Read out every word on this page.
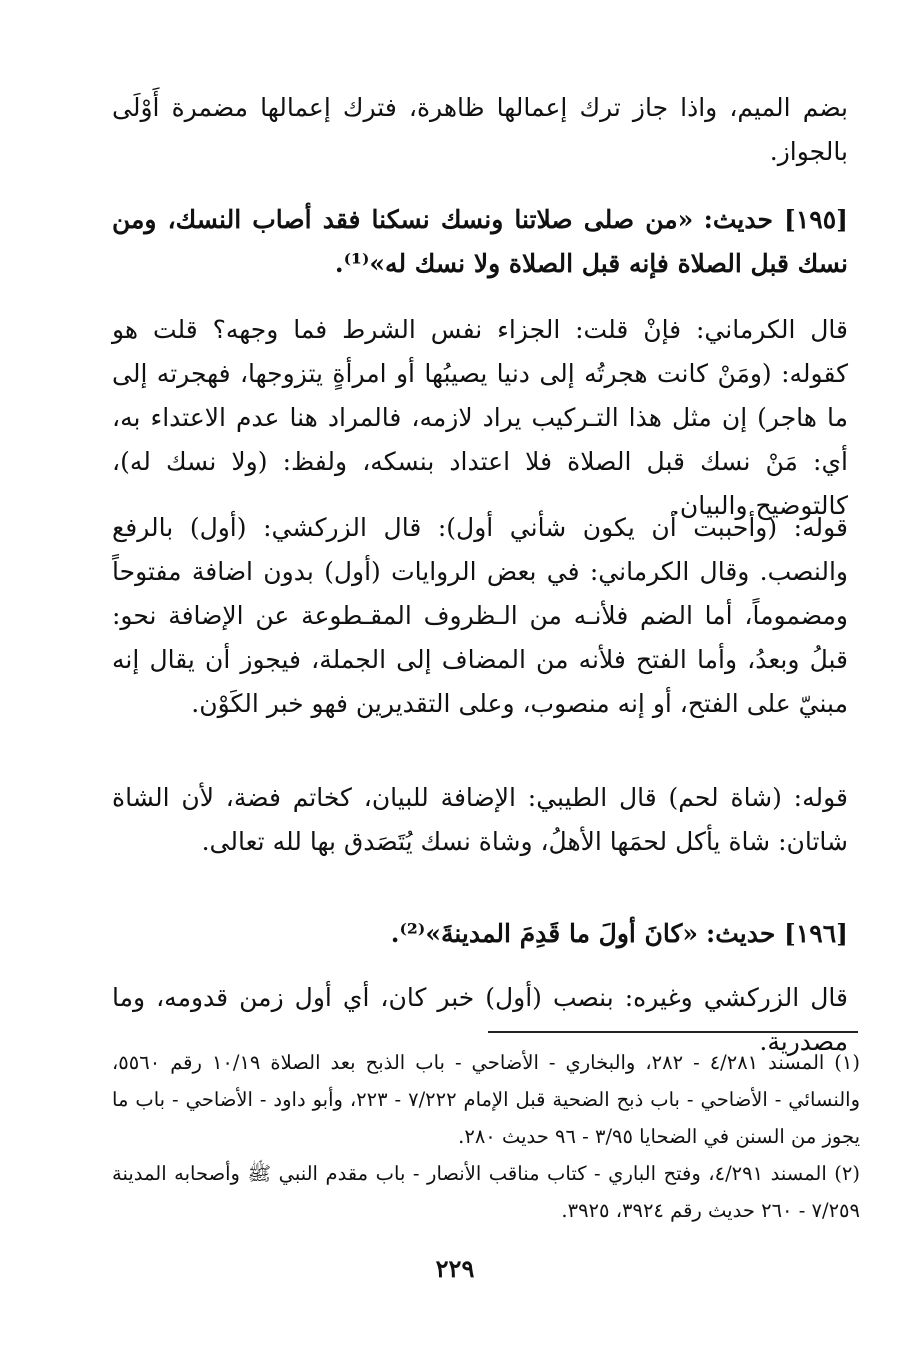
بضم الميم، واذا جاز ترك إعمالها ظاهرة، فترك إعمالها مضمرة أَوْلَى بالجواز.

[١٩٥] حديث: «من صلى صلاتنا ونسك نسكنا فقد أصاب النسك، ومن نسك قبل الصلاة فإنه قبل الصلاة ولا نسك له»⁽¹⁾.

قال الكرماني: فإنْ قلت: الجزاء نفس الشرط فما وجهه؟ قلت هو كقوله: (ومَنْ كانت هجرتُه إلى دنيا يصيبُها أو امرأةٍ يتزوجها، فهجرته إلى ما هاجر) إن مثل هذا التـركيب يراد لازمه، فالمراد هنا عدم الاعتداء به، أي: مَنْ نسك قبل الصلاة فلا اعتداد بنسكه، ولفظ: (ولا نسك له)، كالتوضيح والبيان.

قوله: (وأحببت أن يكون شأني أول): قال الزركشي: (أول) بالرفع والنصب. وقال الكرماني: في بعض الروايات (أول) بدون اضافة مفتوحاً ومضموماً، أما الضم فلأنـه من الـظروف المقـطوعة عن الإضافة نحو: قبلُ وبعدُ، وأما الفتح فلأنه من المضاف إلى الجملة، فيجوز أن يقال إنه مبنيّ على الفتح، أو إنه منصوب، وعلى التقديرين فهو خبر الكَوْن.

قوله: (شاة لحم) قال الطيبي: الإضافة للبيان، كخاتم فضة، لأن الشاة شاتان: شاة يأكل لحمَها الأهلُ، وشاة نسك يُتَصَدق بها لله تعالى.

[١٩٦] حديث: «كانَ أولَ ما قَدِمَ المدينةَ»⁽²⁾.

قال الزركشي وغيره: بنصب (أول) خبر كان، أي أول زمن قدومه، وما مصدرية.

(١) المسند ٤/٢٨١ - ٢٨٢، والبخاري - الأضاحي - باب الذبح بعد الصلاة ١٠/١٩ رقم ٥٥٦٠، والنسائي - الأضاحي - باب ذبح الضحية قبل الإمام ٧/٢٢٢ - ٢٢٣، وأبو داود - الأضاحي - باب ما يجوز من السنن في الضحايا ٣/٩٥ - ٩٦ حديث ٢٨٠.
(٢) المسند ٤/٢٩١، وفتح الباري - كتاب مناقب الأنصار - باب مقدم النبي ﷺ وأصحابه المدينة ٧/٢٥٩ - ٢٦٠ حديث رقم ٣٩٢٤، ٣٩٢٥.
٢٢٩
